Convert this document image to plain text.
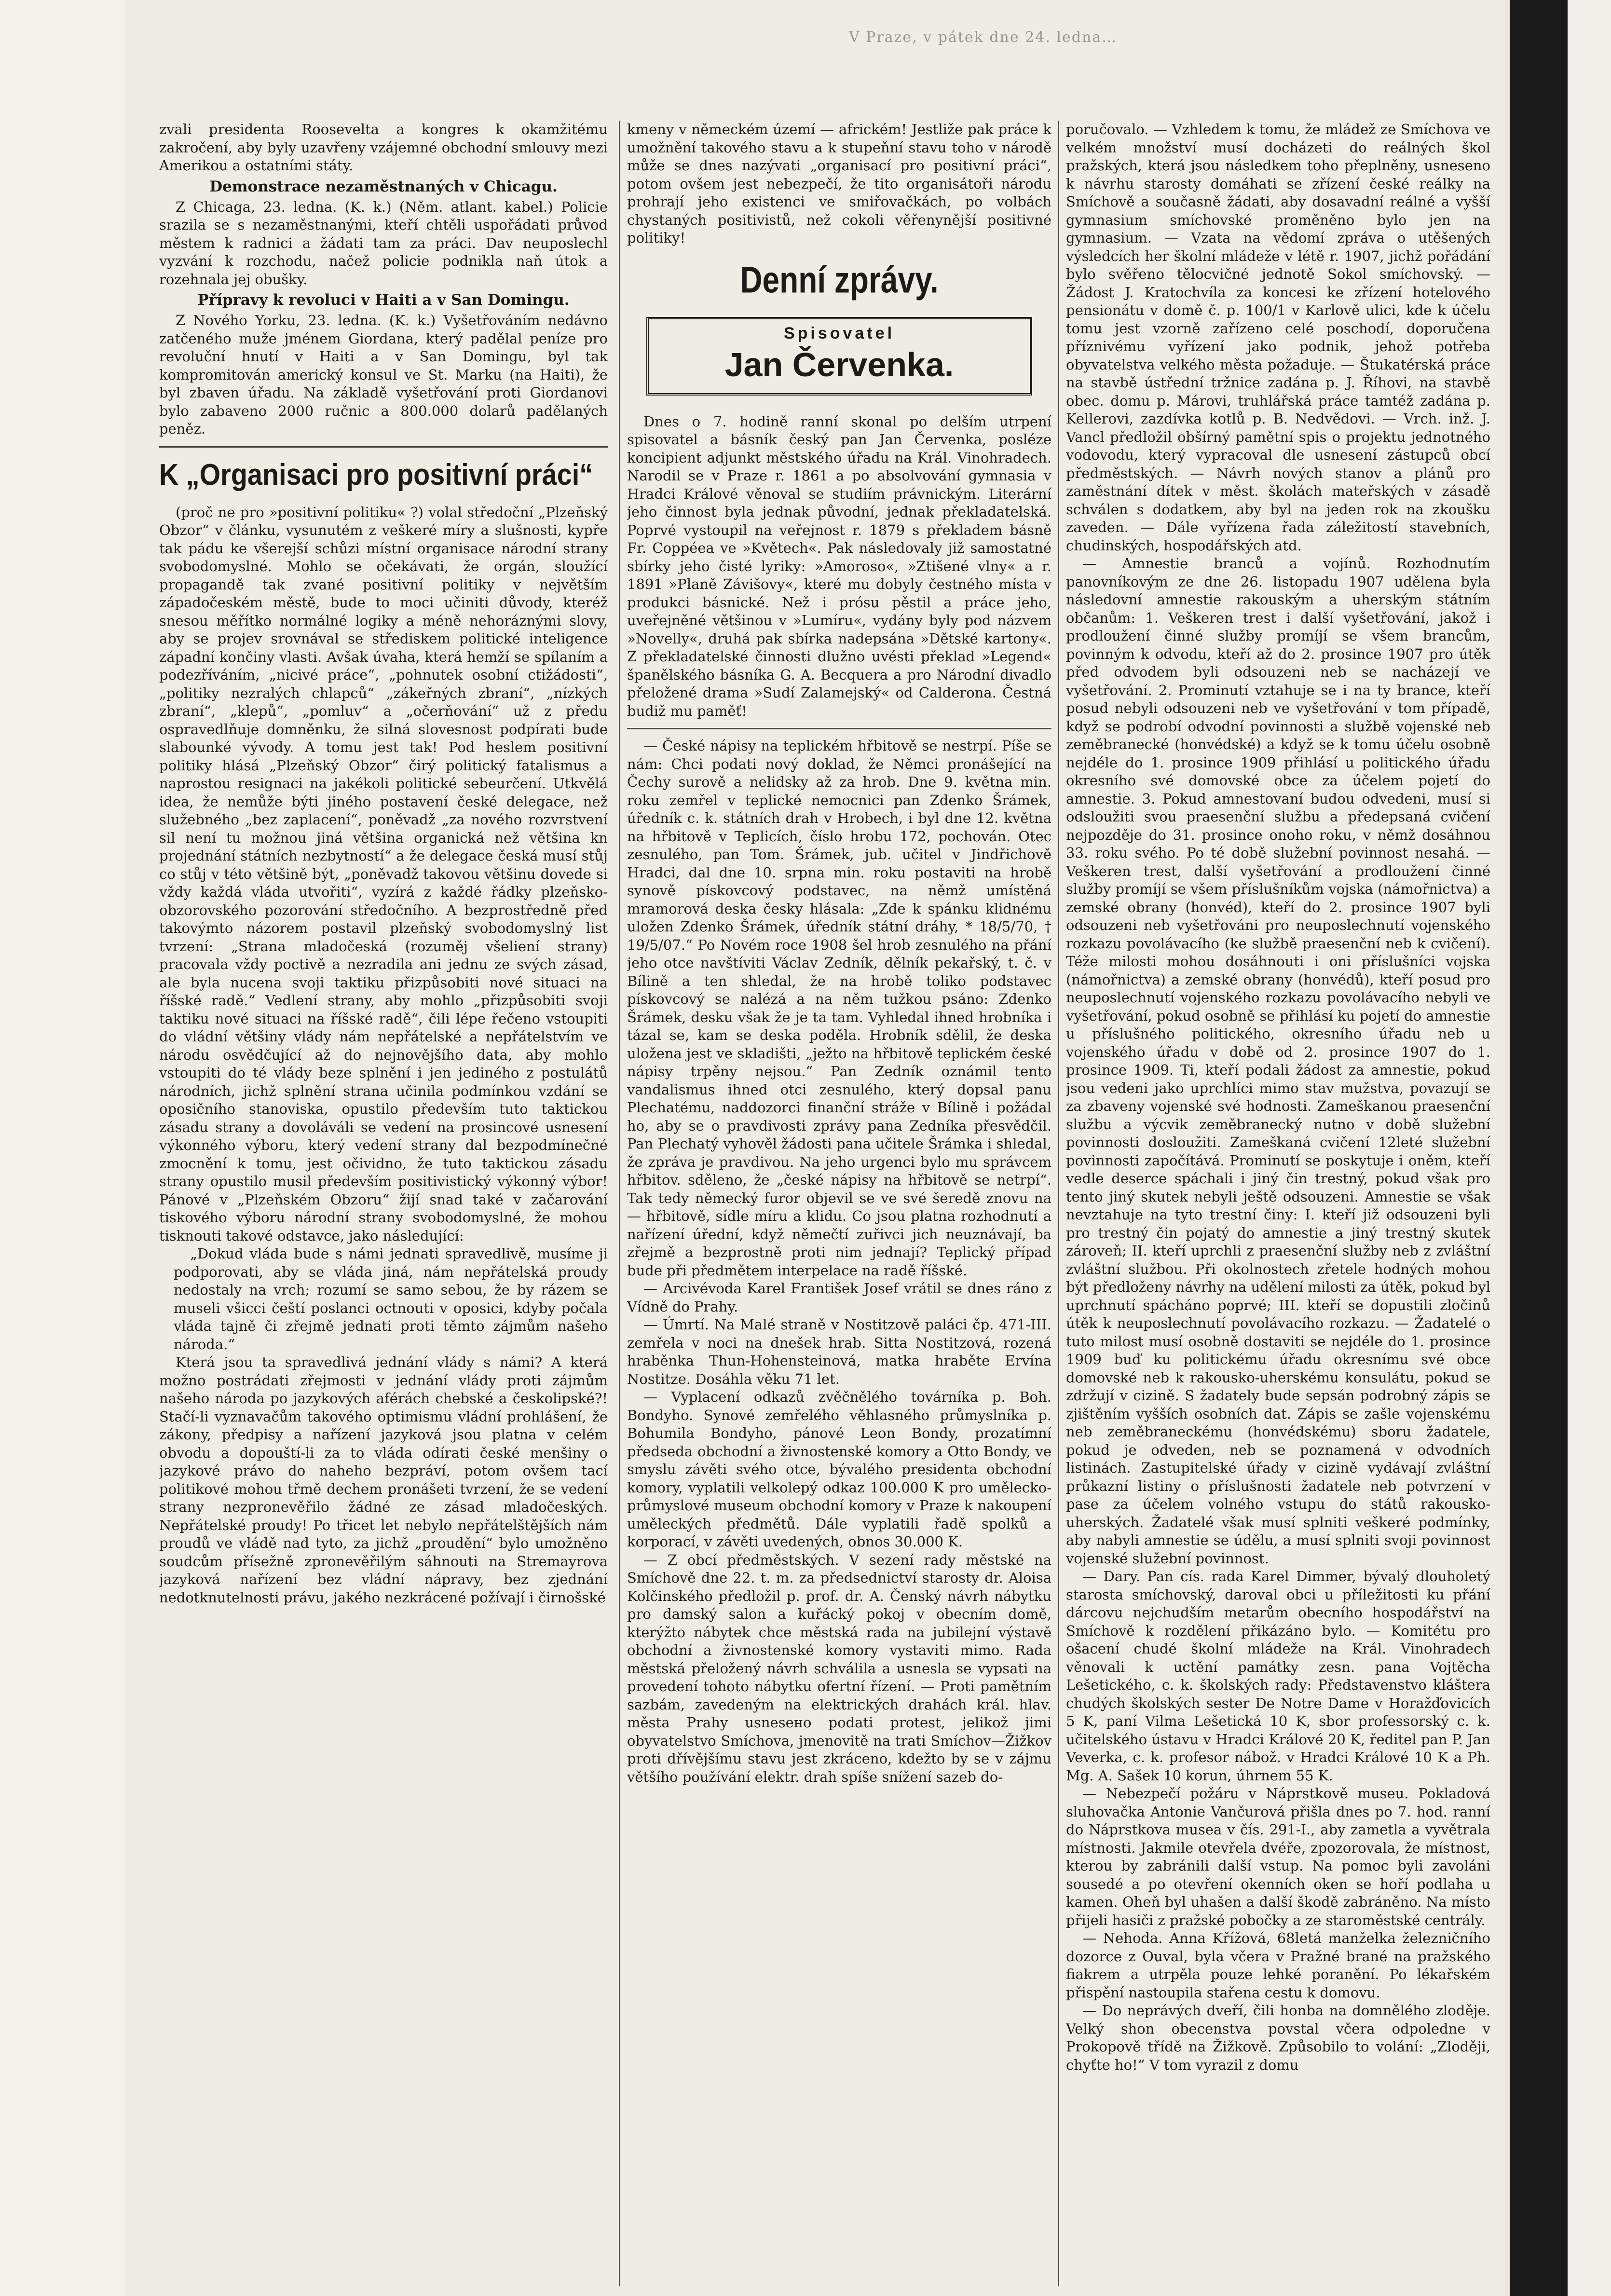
V Praze, v pátek dne 24. ledna…

zvali presidenta Roosevelta a kongres k okamžitému zakročení, aby byly uzavřeny vzájemné obchodní smlouvy mezi Amerikou a ostatními státy.

Demonstrace nezaměstnaných v Chicagu.

Z Chicaga, 23. ledna. (K. k.) (Něm. atlant. kabel.) Policie srazila se s nezaměstnanými, kteří chtěli uspořádati průvod městem k radnici a žádati tam za práci. Dav neuposlechl vyzvání k rozchodu, načež policie podnikla naň útok a rozehnala jej obušky.

Přípravy k revoluci v Haiti a v San Domingu.

Z Nového Yorku, 23. ledna. (K. k.) Vyšetřováním nedávno zatčeného muže jménem Giordana, který padělal peníze pro revoluční hnutí v Haiti a v San Domingu, byl tak kompromitován americký konsul ve St. Marku (na Haiti), že byl zbaven úřadu. Na základě vyšetřování proti Giordanovi bylo zabaveno 2000 ručnic a 800.000 dolarů padělaných peněz.

K „Organisaci pro positivní práci“

(proč ne pro »positivní politiku« ?) volal středoční „Plzeňský Obzor“ v článku, vysunutém z veškeré míry a slušnosti, kypře tak pádu ke všerejší schůzi místní organisace národní strany svobodomyslné. Mohlo se očekávati, že orgán, sloužící propagandě tak zvané positivní politiky v největším západočeském městě, bude to moci učiniti důvody, kteréž snesou měřítko normálné logiky a méně nehoráznými slovy, aby se projev srovnával se střediskem politické inteligence západní končiny vlasti. Avšak úvaha, která hemží se spílaním a podezříváním, „nicivé práce“, „pohnutek osobní ctižádosti“, „politiky nezralých chlapců“ „zákeřných zbraní“, „nízkých zbraní“, „klepů“, „pomluv“ a „očerňování“ už z předu ospravedlňuje domněnku, že silná slovesnost podpírati bude slabounké vývody. A tomu jest tak! Pod heslem positivní politiky hlásá „Plzeňský Obzor“ čirý politický fatalismus a naprostou resignaci na jakékoli politické sebeurčení. Utkvělá idea, že nemůže býti jiného postavení české delegace, než služebného „bez zaplacení“, poněvadž „za nového rozvrstvení sil není tu možnou jiná většina organická než většina kn projednání státních nezbytností“ a že delegace česká musí stůj co stůj v této většině být, „poněvadž takovou většinu dovede si vždy každá vláda utvořiti“, vyzírá z každé řádky plzeňsko-obzorovského pozorování středočního. A bezprostředně před takovýmto názorem postavil plzeňský svobodomyslný list tvrzení: „Strana mladočeská (rozuměj všeliení strany) pracovala vždy poctivě a nezradila ani jednu ze svých zásad, ale byla nucena svoji taktiku přizpůsobiti nové situaci na říšské radě.“ Vedlení strany, aby mohlo „přizpůsobiti svoji taktiku nové situaci na říšské radě“, čili lépe řečeno vstoupiti do vládní většiny vlády nám nepřátelské a nepřátelstvím ve národu osvědčující až do nejnovějšího data, aby mohlo vstoupiti do té vlády beze splnění i jen jediného z postulátů národních, jichž splnění strana učinila podmínkou vzdání se oposičního stanoviska, opustilo především tuto taktickou zásadu strany a dovoláváli se vedení na prosincové usnesení výkonného výboru, který vedení strany dal bezpodmínečné zmocnění k tomu, jest očividno, že tuto taktickou zásadu strany opustilo musil především positivistický výkonný výbor! Pánové v „Plzeňském Obzoru“ žijí snad také v začarování tiskového výboru národní strany svobodomyslné, že mohou tisknouti takové odstavce, jako následující:

„Dokud vláda bude s námi jednati spravedlivě, musíme ji podporovati, aby se vláda jiná, nám nepřátelská proudy nedostaly na vrch; rozumí se samo sebou, že by rázem se museli všicci čeští poslanci octnouti v oposici, kdyby počala vláda tajně či zřejmě jednati proti těmto zájmům našeho národa.“

Která jsou ta spravedlivá jednání vlády s námi? A která možno postrádati zřejmosti v jednání vlády proti zájmům našeho národa po jazykových aférách chebské a českolipské?! Stačí-li vyznavačům takového optimismu vládní prohlášení, že zákony, předpisy a nařízení jazyková jsou platna v celém obvodu a dopouští-li za to vláda odírati české menšiny o jazykové právo do naheho bezpráví, potom ovšem tací politikové mohou třmě dechem pronášeti tvrzení, že se vedení strany nezpronevěřilo žádné ze zásad mladočeských. Nepřátelské proudy! Po třicet let nebylo nepřátelštějších nám proudů ve vládě nad tyto, za jichž „proudění“ bylo umožněno soudcům přísežně zpronevěřilým sáhnouti na Stremayrova jazyková nařízení bez vládní nápravy, bez zjednání nedotknutelnosti právu, jakého nezkrácené požívají i čirnošské

kmeny v německém území — africkém! Jestliže pak práce k umožnění takového stavu a k stupeňní stavu toho v národě může se dnes nazývati „organisací pro positivní práci“, potom ovšem jest nebezpečí, že tito organisátoři národu prohrají jeho existenci ve smiřovačkách, po volbách chystaných positivistů, než cokoli věřenynější positivné politiky!

Denní zprávy.
Spisovatel
Jan Červenka.

Dnes o 7. hodině ranní skonal po delším utrpení spisovatel a básník český pan Jan Červenka, posléze koncipient adjunkt městského úřadu na Král. Vinohradech. Narodil se v Praze r. 1861 a po absolvování gymnasia v Hradci Králové věnoval se studiím právnickým. Literární jeho činnost byla jednak původní, jednak překladatelská. Poprvé vystoupil na veřejnost r. 1879 s překladem básně Fr. Coppéea ve »Květech«. Pak následovaly již samostatné sbírky jeho čisté lyriky: »Amoroso«, »Ztišené vlny« a r. 1891 »Planě Závišovy«, které mu dobyly čestného místa v produkci básnické. Než i prósu pěstil a práce jeho, uveřejněné většinou v »Lumíru«, vydány byly pod názvem »Novelly«, druhá pak sbírka nadepsána »Dětské kartony«. Z překladatelské činnosti dlužno uvésti překlad »Legend« španělského básníka G. A. Becquera a pro Národní divadlo přeložené drama »Sudí Zalamejský« od Calderona. Čestná budiž mu paměť!

— České nápisy na teplickém hřbitově se nestrpí. Píše se nám: Chci podati nový doklad, že Němci pronášející na Čechy surově a nelidsky až za hrob. Dne 9. května min. roku zemřel v teplické nemocnici pan Zdenko Šrámek, úředník c. k. státních drah v Hrobech, i byl dne 12. května na hřbitově v Teplicích, číslo hrobu 172, pochován. Otec zesnulého, pan Tom. Šrámek, jub. učitel v Jindřichově Hradci, dal dne 10. srpna min. roku postaviti na hrobě synově pískovcový podstavec, na němž umístěná mramorová deska česky hlásala: „Zde k spánku klidnému uložen Zdenko Šrámek, úředník státní dráhy, * 18/5/70, † 19/5/07.“ Po Novém roce 1908 šel hrob zesnulého na přání jeho otce navštíviti Václav Zedník, dělník pekařský, t. č. v Bílině a ten shledal, že na hrobě toliko podstavec pískovcový se nalézá a na něm tužkou psáno: Zdenko Šrámek, desku však že je ta tam. Vyhledal ihned hrobníka i tázal se, kam se deska poděla. Hrobník sdělil, že deska uložena jest ve skladišti, „ježto na hřbitově teplickém české nápisy trpěny nejsou.“ Pan Zedník oznámil tento vandalismus ihned otci zesnulého, který dopsal panu Plechatému, naddozorci finanční stráže v Bílině i požádal ho, aby se o pravdivosti zprávy pana Zedníka přesvědčil. Pan Plechatý vyhověl žádosti pana učitele Šrámka i shledal, že zpráva je pravdivou. Na jeho urgenci bylo mu správcem hřbitov. sděleno, že „české nápisy na hřbitově se netrpí“. Tak tedy německý furor objevil se ve své šeredě znovu na — hřbitově, sídle míru a klidu. Co jsou platna rozhodnutí a nařízení úřední, když němečtí zuřivci jich neuznávají, ba zřejmě a bezprostně proti nim jednají? Teplický případ bude při předmětem interpelace na radě říšské.

— Arcivévoda Karel František Josef vrátil se dnes ráno z Vídně do Prahy.

— Úmrtí. Na Malé straně v Nostitzově paláci čp. 471-III. zemřela v noci na dnešek hrab. Sitta Nostitzová, rozená hraběnka Thun-Hohensteinová, matka hraběte Ervína Nostitze. Dosáhla věku 71 let.

— Vyplacení odkazů zvěčnělého továrníka p. Boh. Bondyho. Synové zemřelého věhlasného průmyslníka p. Bohumila Bondyho, pánové Leon Bondy, prozatímní předseda obchodní a živnostenské komory a Otto Bondy, ve smyslu závěti svého otce, bývalého presidenta obchodní komory, vyplatili velkolepý odkaz 100.000 K pro umělecko-průmyslové museum obchodní komory v Praze k nakoupení uměleckých předmětů. Dále vyplatili řadě spolků a korporací, v závěti uvedených, obnos 30.000 K.

— Z obcí předměstských. V sezení rady městské na Smíchově dne 22. t. m. za předsednictví starosty dr. Aloisa Kolčinského předložil p. prof. dr. A. Čenský návrh nábytku pro damský salon a kuřácký pokoj v obecním domě, kterýžto nábytek chce městská rada na jubilejní výstavě obchodní a živnostenské komory vystaviti mimo. Rada městská přeložený návrh schválila a usnesla se vypsati na provedení tohoto nábytku ofertní řízení. — Proti pamětním sazbám, zavedeným na elektrických drahách král. hlav. města Prahy usnesено podati protest, jelikož jimi obyvatelstvo Smíchova, jmenovitě na trati Smíchov—Žižkov proti dřívějšímu stavu jest zkráceno, kdežto by se v zájmu většího používání elektr. drah spíše snížení sazeb do-

poručovalo. — Vzhledem k tomu, že mládež ze Smíchova ve velkém množství musí docházeti do reálných škol pražských, která jsou následkem toho přeplněny, usneseno k návrhu starosty domáhati se zřízení české reálky na Smíchově a současně žádati, aby dosavadní reálné a vyšší gymnasium smíchovské proměněno bylo jen na gymnasium. — Vzata na vědomí zpráva o utěšených výsledcích her školní mládeže v létě r. 1907, jichž pořádání bylo svěřeno tělocvičné jednotě Sokol smíchovský. — Žádost J. Kratochvíla za koncesi ke zřízení hotelového pensionátu v domě č. p. 100/1 v Karlově ulici, kde k účelu tomu jest vzorně zařízeno celé poschodí, doporučena příznivému vyřízení jako podnik, jehož potřeba obyvatelstva velkého města požaduje. — Štukatérská práce na stavbě ústřední tržnice zadána p. J. Říhovi, na stavbě obec. domu p. Márovi, truhlářská práce tamtéž zadána p. Kellerovi, zazdívka kotlů p. B. Nedvědovi. — Vrch. inž. J. Vancl předložil obšírný pamětní spis o projektu jednotného vodovodu, který vypracoval dle usnesení zástupců obcí předměstských. — Návrh nových stanov a plánů pro zaměstnání dítek v měst. školách mateřských v zásadě schválen s dodatkem, aby byl na jeden rok na zkoušku zaveden. — Dále vyřízena řada záležitostí stavebních, chudinských, hospodářských atd.

— Amnestie branců a vojínů. Rozhodnutím panovníkovým ze dne 26. listopadu 1907 udělena byla následovní amnestie rakouským a uherským státním občanům: 1. Veškeren trest i další vyšetřování, jakož i prodloužení činné služby promíjí se všem brancům, povinným k odvodu, kteří až do 2. prosince 1907 pro útěk před odvodem byli odsouzeni neb se nacházejí ve vyšetřování. 2. Prominutí vztahuje se i na ty brance, kteří posud nebyli odsouzeni neb ve vyšetřování v tom případě, když se podrobí odvodní povinnosti a službě vojenské neb zeměbranecké (honvédské) a když se k tomu účelu osobně nejdéle do 1. prosince 1909 přihlásí u politického úřadu okresního své domovské obce za účelem pojetí do amnestie. 3. Pokud amnestovaní budou odvedeni, musí si odsloužiti svou praesenční službu a předepsaná cvičení nejpozděje do 31. prosince onoho roku, v němž dosáhnou 33. roku svého. Po té době služební povinnost nesahá. — Veškeren trest, další vyšetřování a prodloužení činné služby promíjí se všem příslušníkům vojska (námořnictva) a zemské obrany (honvéd), kteří do 2. prosince 1907 byli odsouzeni neb vyšetřováni pro neuposlechnutí vojenského rozkazu povolávacího (ke službě praesenční neb k cvičení). Téže milosti mohou dosáhnouti i oni příslušníci vojska (námořnictva) a zemské obrany (honvédů), kteří posud pro neuposlechnutí vojenského rozkazu povolávacího nebyli ve vyšetřování, pokud osobně se přihlásí ku pojetí do amnestie u příslušného politického, okresního úřadu neb u vojenského úřadu v době od 2. prosince 1907 do 1. prosince 1909. Ti, kteří podali žádost za amnestie, pokud jsou vedeni jako uprchlíci mimo stav mužstva, povazují se za zbaveny vojenské své hodnosti. Zameškanou praesenční službu a výcvik zeměbranecký nutno v době služební povinnosti dosloužiti. Zameškaná cvičení 12leté služební povinnosti započítává. Prominutí se poskytuje i oněm, kteří vedle deserce spáchali i jiný čin trestný, pokud však pro tento jiný skutek nebyli ještě odsouzeni. Amnestie se však nevztahuje na tyto trestní činy: I. kteří již odsouzeni byli pro trestný čin pojatý do amnestie a jiný trestný skutek zároveň; II. kteří uprchli z praesenční služby neb z zvláštní zvláštní službou. Při okolnostech zřetele hodných mohou být předloženy návrhy na udělení milosti za útěk, pokud byl uprchnutí spácháno poprvé; III. kteří se dopustili zločinů útěk k neuposlechnutí povolávacího rozkazu. — Žadatelé o tuto milost musí osobně dostaviti se nejdéle do 1. prosince 1909 buď ku politickému úřadu okresnímu své obce domovské neb k rakousko-uherskému konsulátu, pokud se zdržují v cizině. S žadately bude sepsán podrobný zápis se zjištěním vyšších osobních dat. Zápis se zašle vojenskému neb zeměbraneckému (honvédskému) sboru žadatele, pokud je odveden, neb se poznamená v odvodních listinách. Zastupitelské úřady v cizině vydávají zvláštní průkazní listiny o příslušnosti žadatele neb potvrzení v pase za účelem volného vstupu do států rakousko-uherských. Žadatelé však musí splniti veškeré podmínky, aby nabyli amnestie se údělu, a musí splniti svoji povinnost vojenské služební povinnost.

— Dary. Pan cís. rada Karel Dimmer, bývalý dlouholetý starosta smíchovský, daroval obci u příležitosti ku přání dárcovu nejchudším metarům obecního hospodářství na Smíchově k rozdělení přikázáno bylo. — Komitétu pro ošacení chudé školní mládeže na Král. Vinohradech věnovali k uctění památky zesn. pana Vojtěcha Lešetického, c. k. školských rady: Představenstvo kláštera chudých školských sester De Notre Dame v Horažďovicích 5 K, paní Vilma Lešetická 10 K, sbor professorský c. k. učitelského ústavu v Hradci Králové 20 K, ředitel pan P. Jan Veverka, c. k. profesor nábož. v Hradci Králové 10 K a Ph. Mg. A. Sašek 10 korun, úhrnem 55 K.

— Nebezpečí požáru v Náprstkově museu. Pokladová sluhovačka Antonie Vančurová přišla dnes po 7. hod. ranní do Náprstkova musea v čís. 291-I., aby zametla a vyvětrala místnosti. Jakmile otevřela dvéře, zpozorovala, že místnost, kterou by zabránili další vstup. Na pomoc byli zavoláni sousedé a po otevření okenních oken se hoří podlaha u kamen. Oheň byl uhašen a další škodě zabráněno. Na místo přijeli hasiči z pražské pobočky a ze staroměstské centrály.

— Nehoda. Anna Křížová, 68letá manželka železničního dozorce z Ouval, byla včera v Pražné brané na pražského fiakrem a utrpěla pouze lehké poranění. Po lékařském přispění nastoupila stařena cestu k domovu.

— Do neprávých dveří, čili honba na domnělého zloděje. Velký shon obecenstva povstal včera odpoledne v Prokopově třídě na Žižkově. Způsobilo to volání: „Zloději, chyťte ho!“ V tom vyrazil z domu
